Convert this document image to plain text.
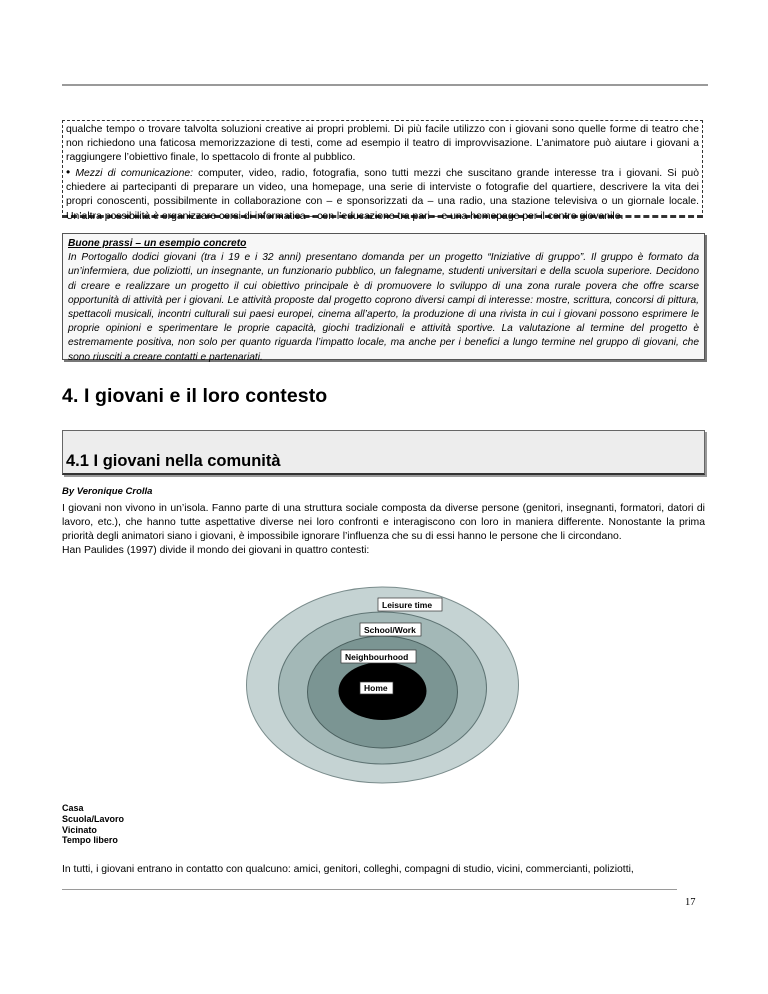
qualche tempo o trovare talvolta soluzioni creative ai propri problemi. Di più facile utilizzo con i giovani sono quelle forme di teatro che non richiedono una faticosa memorizzazione di testi, come ad esempio il teatro di improvvisazione. L’animatore può aiutare i giovani a raggiungere l’obiettivo finale, lo spettacolo di fronte al pubblico.

• Mezzi di comunicazione: computer, video, radio, fotografia, sono tutti mezzi che suscitano grande interesse tra i giovani. Si può chiedere ai partecipanti di preparare un video, una homepage, una serie di interviste o fotografie del quartiere, descrivere la vita dei propri conoscenti, possibilmente in collaborazione con – e sponsorizzati da – una radio, una stazione televisiva o un giornale locale. Un’altra possibilità è organizzare corsi di informatica – con l’educazione tra pari – e una homepage per il centro giovanile.

Buone prassi – un esempio concreto
In Portogallo dodici giovani (tra i 19 e i 32 anni) presentano domanda per un progetto “Iniziative di gruppo”. Il gruppo è formato da un’infermiera, due poliziotti, un insegnante, un funzionario pubblico, un falegname, studenti universitari e della scuola superiore. Decidono di creare e realizzare un progetto il cui obiettivo principale è di promuovere lo sviluppo di una zona rurale povera che offre scarse opportunità di attività per i giovani. Le attività proposte dal progetto coprono diversi campi di interesse: mostre, scrittura, concorsi di pittura, spettacoli musicali, incontri culturali sui paesi europei, cinema all’aperto, la produzione di una rivista in cui i giovani possono esprimere le proprie opinioni e sperimentare le proprie capacità, giochi tradizionali e attività sportive. La valutazione al termine del progetto è estremamente positiva, non solo per quanto riguarda l’impatto locale, ma anche per i benefici a lungo termine nel gruppo di giovani, che sono riusciti a creare contatti e partenariati.
4. I giovani e il loro contesto
4.1 I giovani nella comunità
By Veronique Crolla

I giovani non vivono in un’isola. Fanno parte di una struttura sociale composta da diverse persone (genitori, insegnanti, formatori, datori di lavoro, etc.), che hanno tutte aspettative diverse nei loro confronti e interagiscono con loro in maniera differente. Nonostante la prima priorità degli animatori siano i giovani, è impossibile ignorare l’influenza che su di essi hanno le persone che li circondano.

Han Paulides (1997) divide il mondo dei giovani in quattro contesti:

Leisure time
School/Work
Neighbourhood
Home
Casa
Scuola/Lavoro
Vicinato
Tempo libero
In tutti, i giovani entrano in contatto con qualcuno: amici, genitori, colleghi, compagni di studio, vicini, commercianti, poliziotti,
17
